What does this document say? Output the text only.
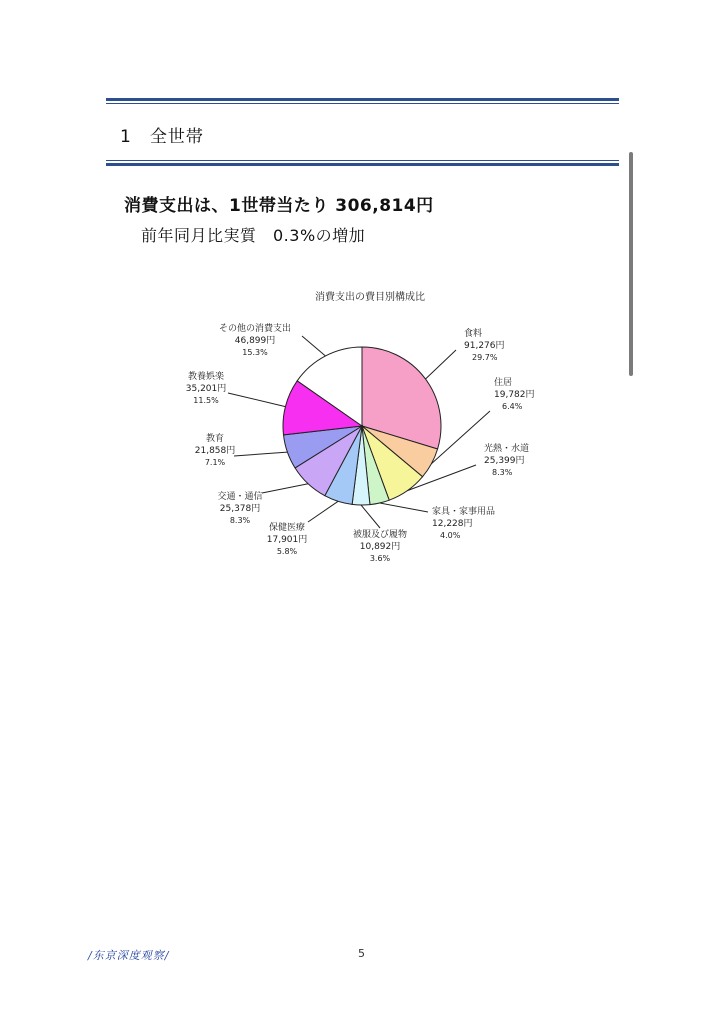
1　全世帯
消費支出は、1世帯当たり 306,814円
前年同月比実質　0.3%の増加
消費支出の費目別構成比
食料
91,276円
29.7%
住居
19,782円
6.4%
光熱・水道
25,399円
8.3%
家具・家事用品
12,228円
4.0%
被服及び履物
10,892円
3.6%
保健医療
17,901円
5.8%
交通・通信
25,378円
8.3%
教育
21,858円
7.1%
教養娯楽
35,201円
11.5%
その他の消費支出
46,899円
15.3%
/东京深度观察/	5
